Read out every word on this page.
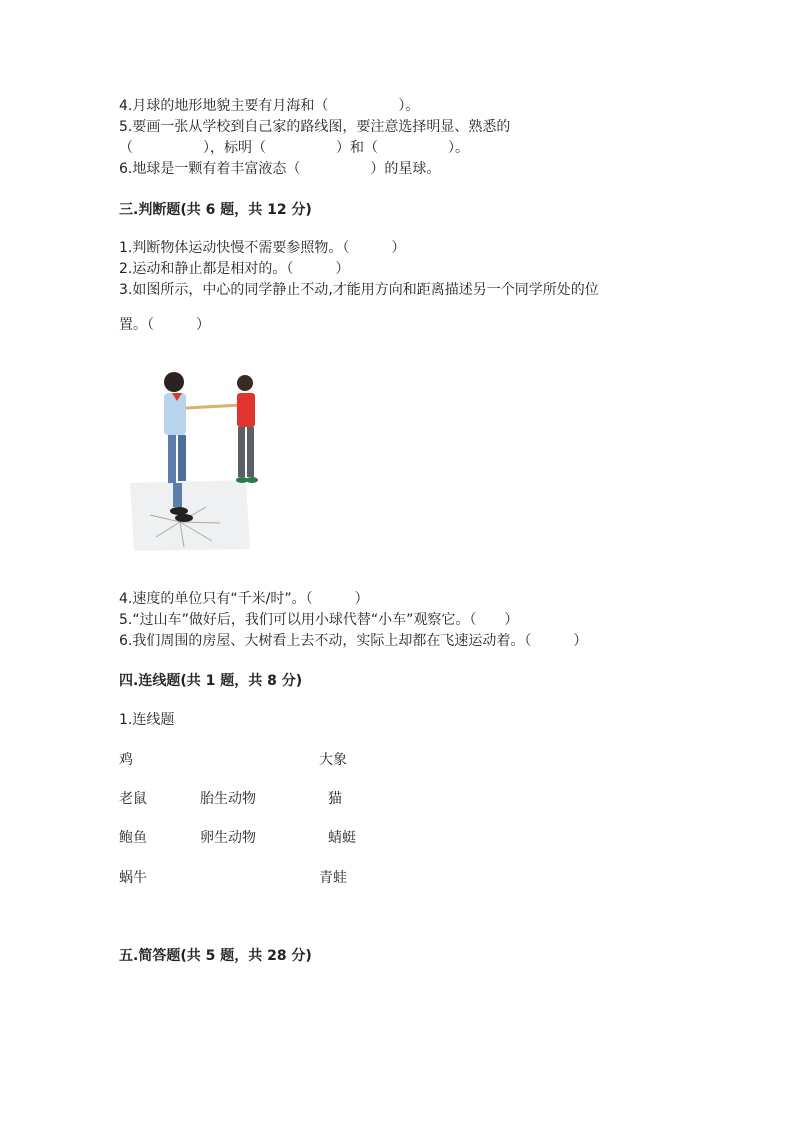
4.月球的地形地貌主要有月海和（　　　　　）。
5.要画一张从学校到自己家的路线图，要注意选择明显、熟悉的
（　　　　　），标明（　　　　　）和（　　　　　）。
6.地球是一颗有着丰富液态（　　　　　）的星球。
三.判断题(共 6 题，共 12 分)
1.判断物体运动快慢不需要参照物。（　　　）
2.运动和静止都是相对的。（　　　）
3.如图所示，中心的同学静止不动,才能用方向和距离描述另一个同学所处的位
置。（　　　）
4.速度的单位只有“千米/时”。（　　　）
5.“过山车”做好后，我们可以用小球代替“小车”观察它。（　　）
6.我们周围的房屋、大树看上去不动，实际上却都在飞速运动着。（　　　）
四.连线题(共 1 题，共 8 分)
1.连线题
鸡
老鼠
鲍鱼
蜗牛
胎生动物
卵生动物
大象
猫
蜻蜓
青蛙
五.简答题(共 5 题，共 28 分)
